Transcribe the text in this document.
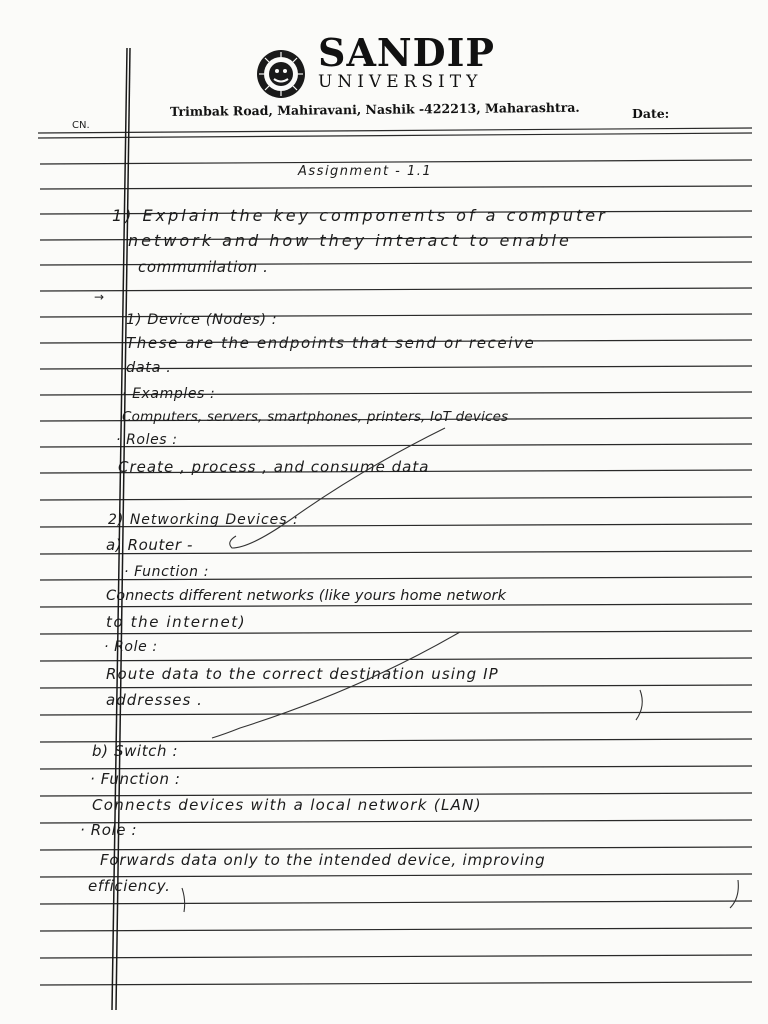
SANDIP
UNIVERSITY
Trimbak Road, Mahiravani, Nashik -422213, Maharashtra.	Date:
CN.
Assignment - 1.1
1) Explain the key components of a computer
network and how they interact to enable
communilation .
→
1) Device (Nodes) :
These are the endpoints that send or receive
data .
· Examples :
Computers, servers, smartphones, printers, IoT devices
· Roles :
Create , process , and consume data
2) Networking Devices :
a) Router -
· Function :
Connects different networks (like yours home network
to the internet)
· Role :
Route data to the correct destination using IP
addresses .
b) Switch :
· Function :
Connects devices with a local network (LAN)
· Role :
Forwards data only to the intended device, improving
efficiency.
